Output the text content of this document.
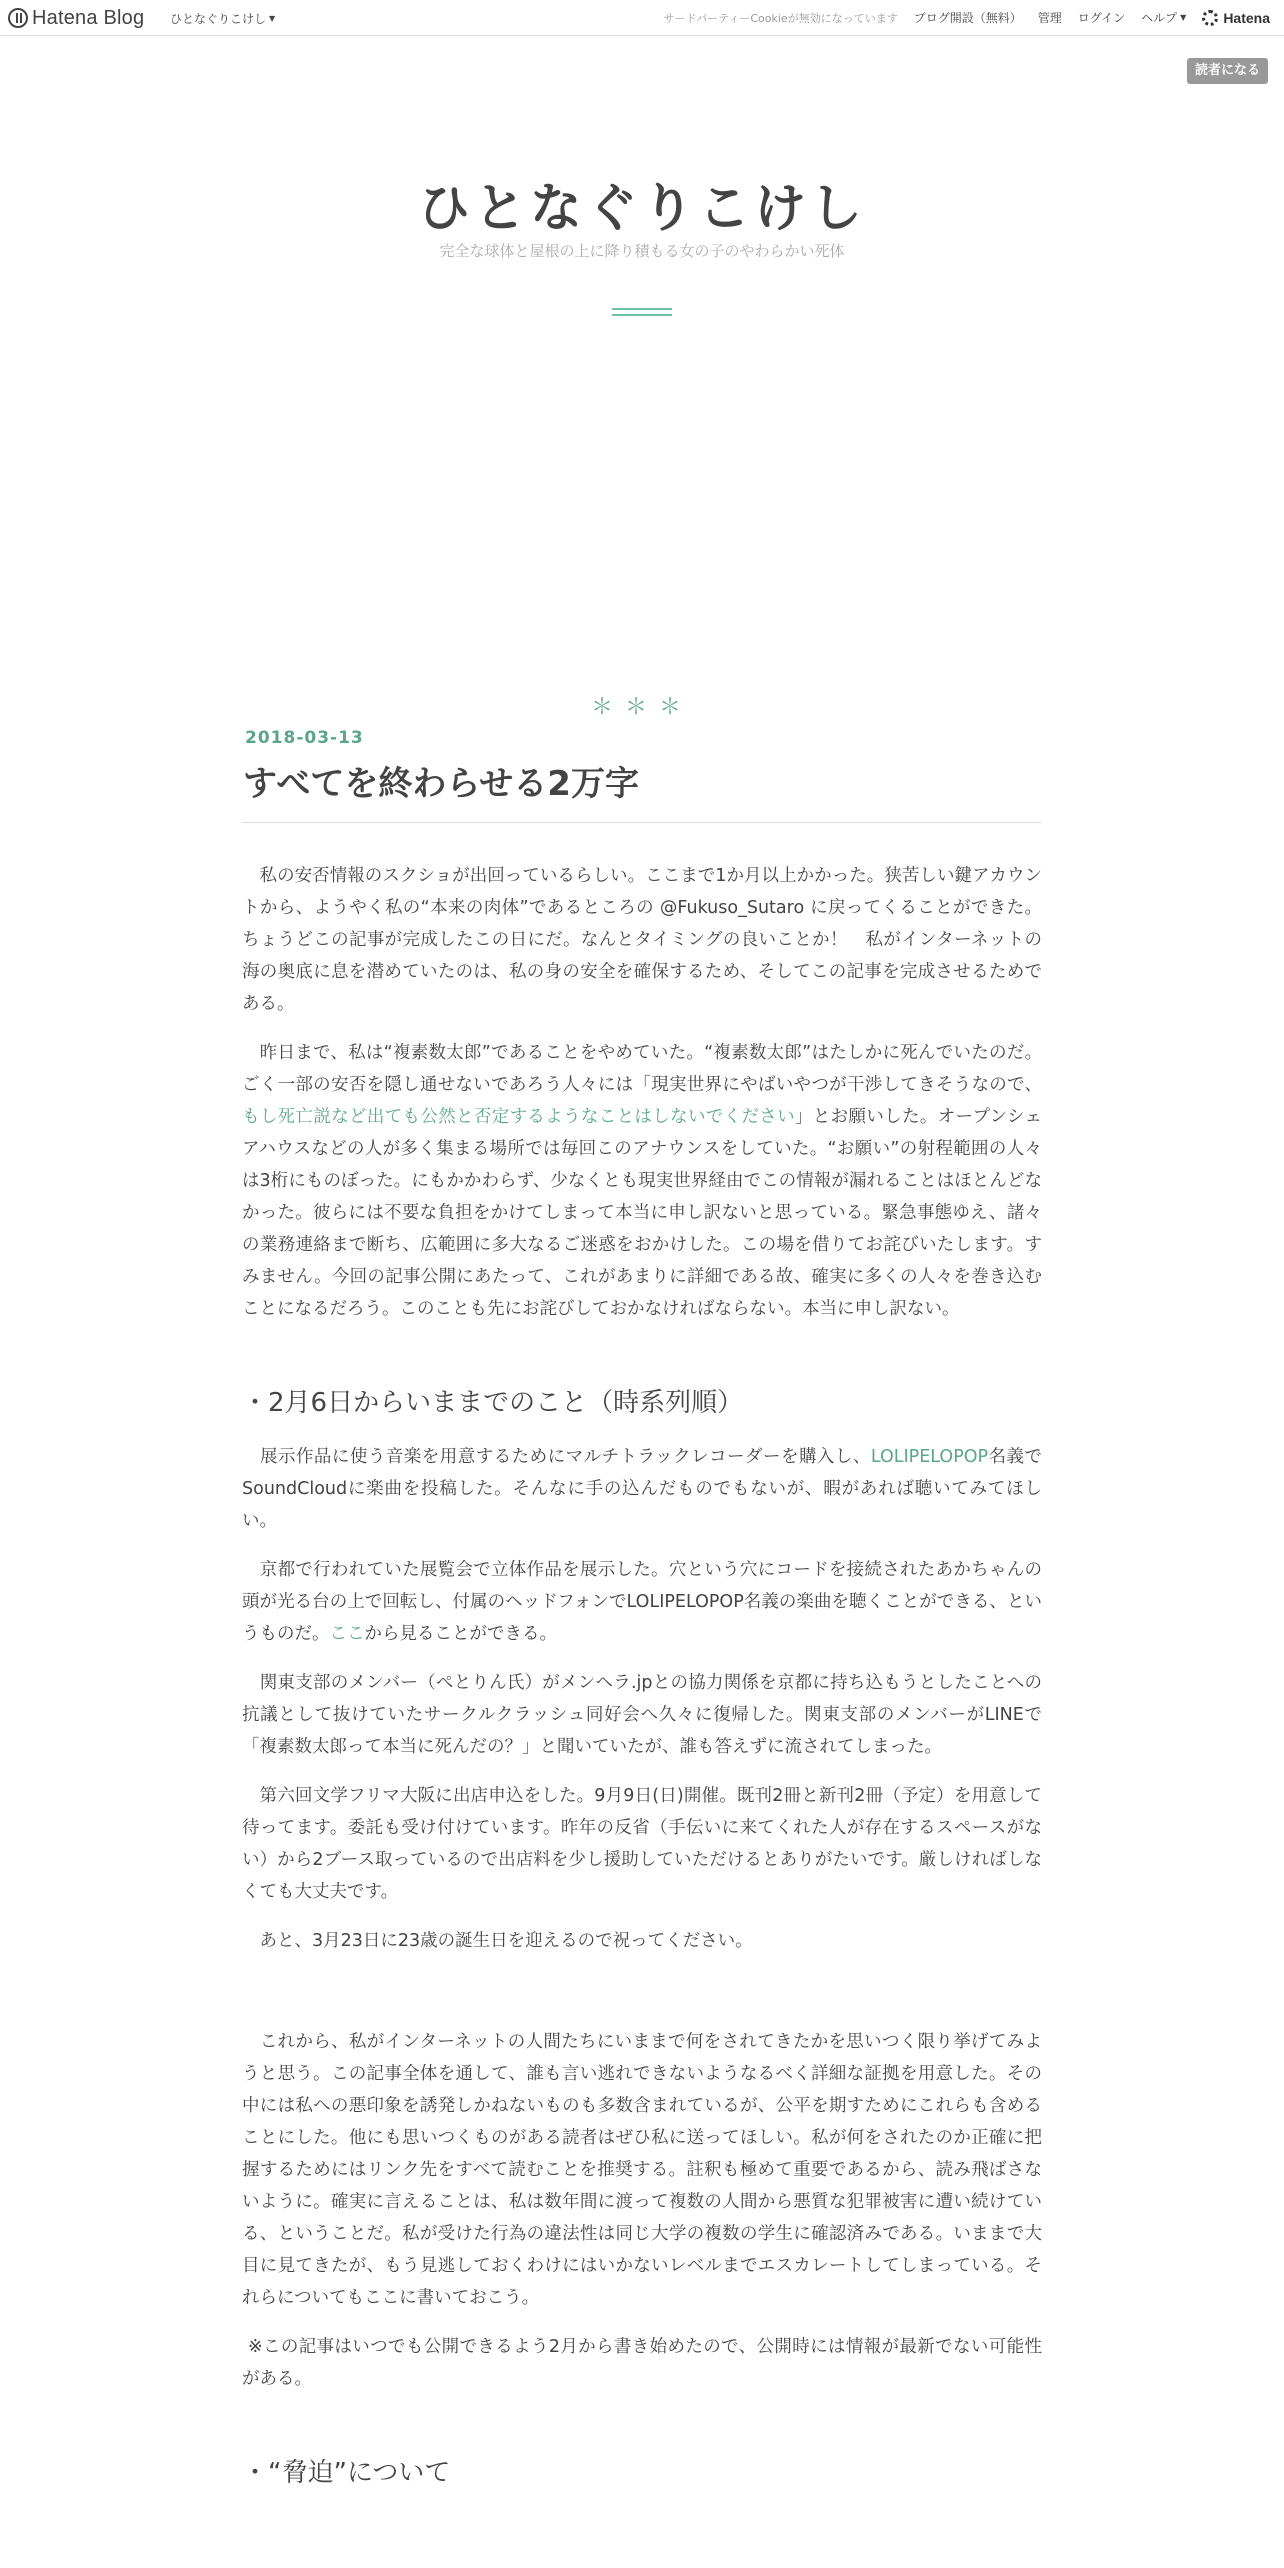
Hatena Blog ひとなぐりこけし ▼	サードパーティーCookieが無効になっています ブログ開設（無料） 管理 ログイン ヘルプ ▼	Hatena
読者になる
ひとなぐりこけし
完全な球体と屋根の上に降り積もる女の子のやわらかい死体
＊＊＊
2018-03-13
すべてを終わらせる2万字

　私の安否情報のスクショが出回っているらしい。ここまで1か月以上かかった。狭苦しい鍵アカウントから、ようやく私の“本来の肉体”であるところの @Fukuso_Sutaro に戻ってくることができた。ちょうどこの記事が完成したこの日にだ。なんとタイミングの良いことか！　私がインターネットの海の奥底に息を潜めていたのは、私の身の安全を確保するため、そしてこの記事を完成させるためである。

　昨日まで、私は“複素数太郎”であることをやめていた。“複素数太郎”はたしかに死んでいたのだ。ごく一部の安否を隠し通せないであろう人々には「現実世界にやばいやつが干渉してきそうなので、もし死亡説など出ても公然と否定するようなことはしないでください」とお願いした。オープンシェアハウスなどの人が多く集まる場所では毎回このアナウンスをしていた。“お願い”の射程範囲の人々は3桁にものぼった。にもかかわらず、少なくとも現実世界経由でこの情報が漏れることはほとんどなかった。彼らには不要な負担をかけてしまって本当に申し訳ないと思っている。緊急事態ゆえ、諸々の業務連絡まで断ち、広範囲に多大なるご迷惑をおかけした。この場を借りてお詫びいたします。すみません。今回の記事公開にあたって、これがあまりに詳細である故、確実に多くの人々を巻き込むことになるだろう。このことも先にお詫びしておかなければならない。本当に申し訳ない。

・2月6日からいままでのこと（時系列順）

　展示作品に使う音楽を用意するためにマルチトラックレコーダーを購入し、LOLIPELOPOP名義でSoundCloudに楽曲を投稿した。そんなに手の込んだものでもないが、暇があれば聴いてみてほしい。

　京都で行われていた展覧会で立体作品を展示した。穴という穴にコードを接続されたあかちゃんの頭が光る台の上で回転し、付属のヘッドフォンでLOLIPELOPOP名義の楽曲を聴くことができる、というものだ。ここから見ることができる。

　関東支部のメンバー（ぺとりん氏）がメンヘラ.jpとの協力関係を京都に持ち込もうとしたことへの抗議として抜けていたサークルクラッシュ同好会へ久々に復帰した。関東支部のメンバーがLINEで「複素数太郎って本当に死んだの？」と聞いていたが、誰も答えずに流されてしまった。

　第六回文学フリマ大阪に出店申込をした。9月9日(日)開催。既刊2冊と新刊2冊（予定）を用意して待ってます。委託も受け付けています。昨年の反省（手伝いに来てくれた人が存在するスペースがない）から2ブース取っているので出店料を少し援助していただけるとありがたいです。厳しければしなくても大丈夫です。

　あと、3月23日に23歳の誕生日を迎えるので祝ってください。

　これから、私がインターネットの人間たちにいままで何をされてきたかを思いつく限り挙げてみようと思う。この記事全体を通して、誰も言い逃れできないようなるべく詳細な証拠を用意した。その中には私への悪印象を誘発しかねないものも多数含まれているが、公平を期すためにこれらも含めることにした。他にも思いつくものがある読者はぜひ私に送ってほしい。私が何をされたのか正確に把握するためにはリンク先をすべて読むことを推奨する。註釈も極めて重要であるから、読み飛ばさないように。確実に言えることは、私は数年間に渡って複数の人間から悪質な犯罪被害に遭い続けている、ということだ。私が受けた行為の違法性は同じ大学の複数の学生に確認済みである。いままで大目に見てきたが、もう見逃しておくわけにはいかないレベルまでエスカレートしてしまっている。それらについてもここに書いておこう。

※この記事はいつでも公開できるよう2月から書き始めたので、公開時には情報が最新でない可能性がある。

・“脅迫”について
